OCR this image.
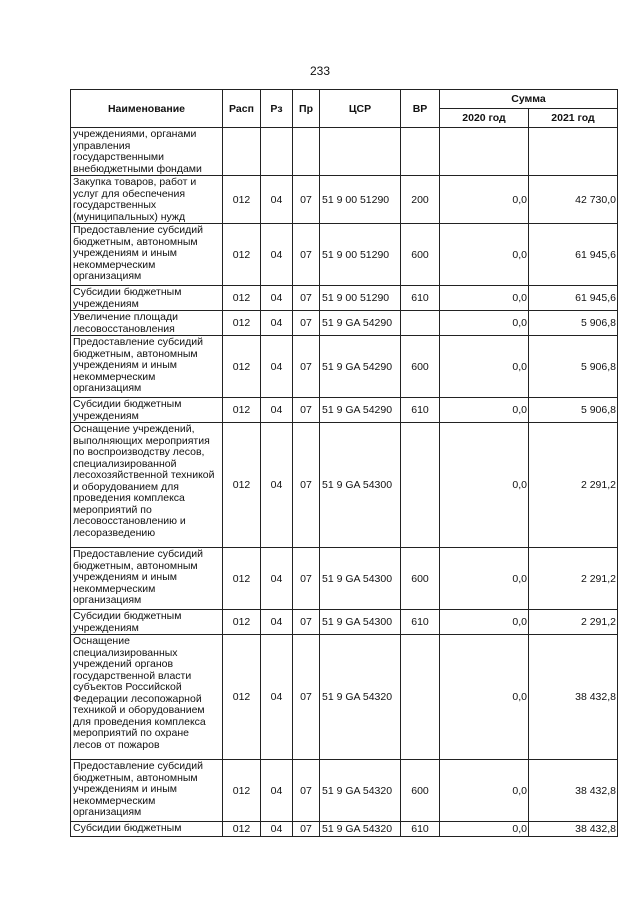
233
Наименование	Расп	Рз	Пр	ЦСР	ВР	Сумма	
						2020 год	2021 год
учреждениями, органами управления государственными внебюджетными фондами							
Закупка товаров, работ и услуг для обеспечения государственных (муниципальных) нужд	012	04	07	51 9 00 51290	200	0,0	42 730,0
Предоставление субсидий бюджетным, автономным учреждениям и иным некоммерческим организациям	012	04	07	51 9 00 51290	600	0,0	61 945,6
Субсидии бюджетным учреждениям	012	04	07	51 9 00 51290	610	0,0	61 945,6
Увеличение площади лесовосстановления	012	04	07	51 9 GA 54290		0,0	5 906,8
Предоставление субсидий бюджетным, автономным учреждениям и иным некоммерческим организациям	012	04	07	51 9 GA 54290	600	0,0	5 906,8
Субсидии бюджетным учреждениям	012	04	07	51 9 GA 54290	610	0,0	5 906,8
Оснащение учреждений, выполняющих мероприятия по воспроизводству лесов, специализированной лесохозяйственной техникой и оборудованием для проведения комплекса мероприятий по лесовосстановлению и лесоразведению	012	04	07	51 9 GA 54300		0,0	2 291,2
Предоставление субсидий бюджетным, автономным учреждениям и иным некоммерческим организациям	012	04	07	51 9 GA 54300	600	0,0	2 291,2
Субсидии бюджетным учреждениям	012	04	07	51 9 GA 54300	610	0,0	2 291,2
Оснащение специализированных учреждений органов государственной власти субъектов Российской Федерации лесопожарной техникой и оборудованием для проведения комплекса мероприятий по охране лесов от пожаров	012	04	07	51 9 GA 54320		0,0	38 432,8
Предоставление субсидий бюджетным, автономным учреждениям и иным некоммерческим организациям	012	04	07	51 9 GA 54320	600	0,0	38 432,8
Субсидии бюджетным	012	04	07	51 9 GA 54320	610	0,0	38 432,8
